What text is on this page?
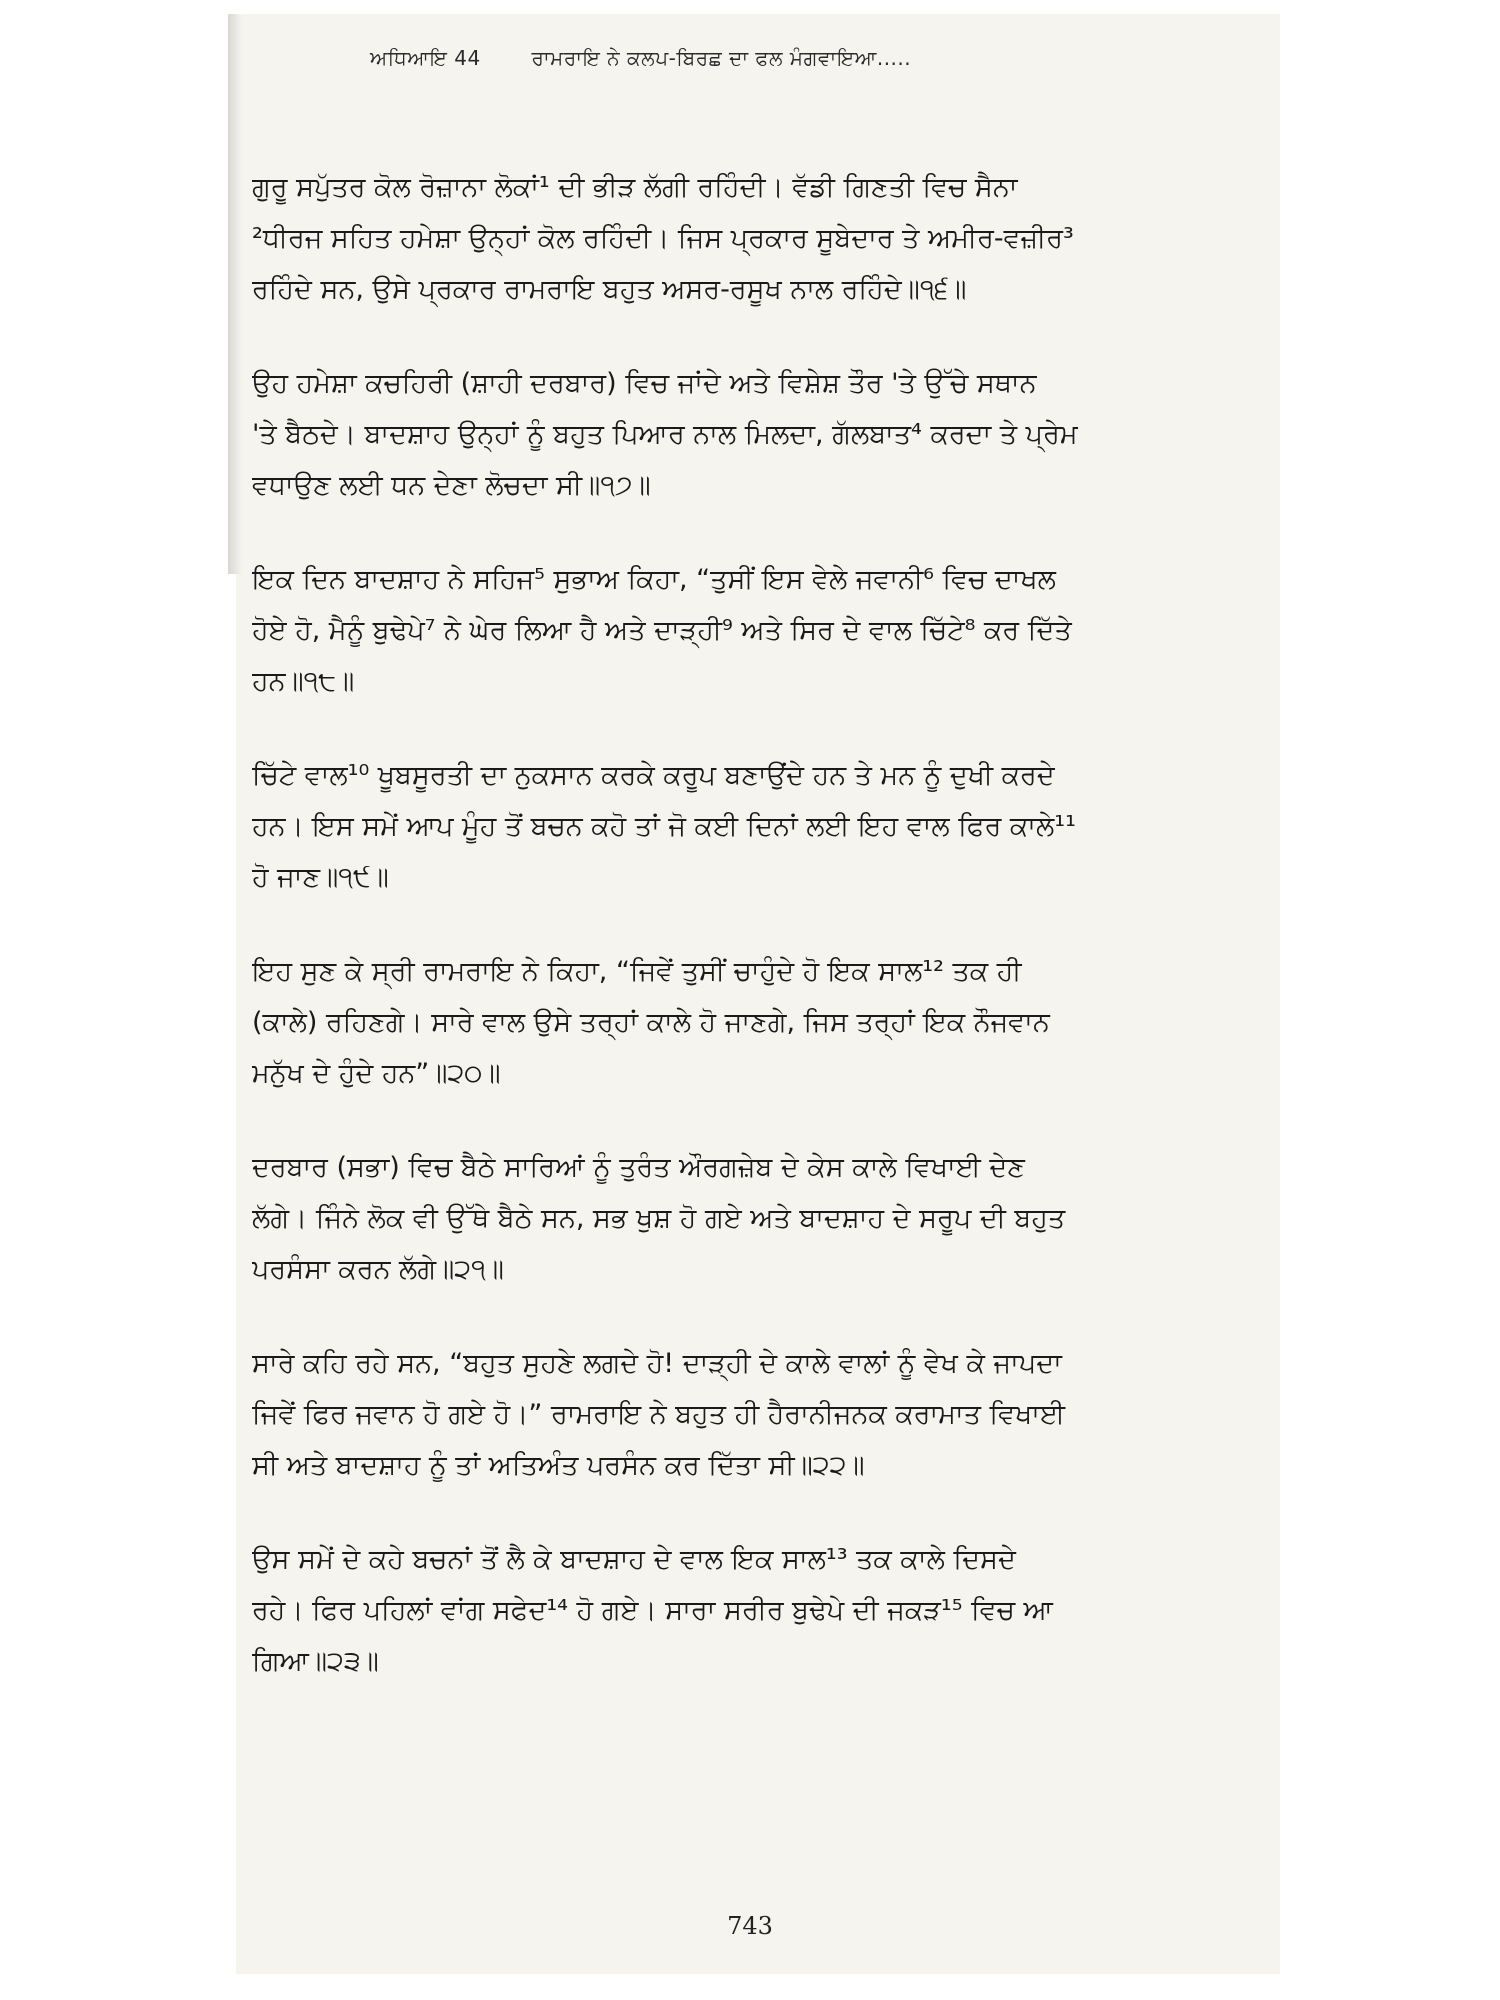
ਅਧਿਆਇ 44	ਰਾਮਰਾਇ ਨੇ ਕਲਪ-ਬਿਰਛ ਦਾ ਫਲ ਮੰਗਵਾਇਆ.....
ਗੁਰੂ ਸਪੁੱਤਰ ਕੋਲ ਰੋਜ਼ਾਨਾ ਲੋਕਾਂ¹ ਦੀ ਭੀੜ ਲੱਗੀ ਰਹਿੰਦੀ। ਵੱਡੀ ਗਿਣਤੀ ਵਿਚ ਸੈਨਾ
²ਧੀਰਜ ਸਹਿਤ ਹਮੇਸ਼ਾ ਉਨ੍ਹਾਂ ਕੋਲ ਰਹਿੰਦੀ। ਜਿਸ ਪ੍ਰਕਾਰ ਸੂਬੇਦਾਰ ਤੇ ਅਮੀਰ-ਵਜ਼ੀਰ³
ਰਹਿੰਦੇ ਸਨ, ਉਸੇ ਪ੍ਰਕਾਰ ਰਾਮਰਾਇ ਬਹੁਤ ਅਸਰ-ਰਸੂਖ ਨਾਲ ਰਹਿੰਦੇ॥੧੬॥
ਉਹ ਹਮੇਸ਼ਾ ਕਚਹਿਰੀ (ਸ਼ਾਹੀ ਦਰਬਾਰ) ਵਿਚ ਜਾਂਦੇ ਅਤੇ ਵਿਸ਼ੇਸ਼ ਤੌਰ 'ਤੇ ਉੱਚੇ ਸਥਾਨ
'ਤੇ ਬੈਠਦੇ। ਬਾਦਸ਼ਾਹ ਉਨ੍ਹਾਂ ਨੂੰ ਬਹੁਤ ਪਿਆਰ ਨਾਲ ਮਿਲਦਾ, ਗੱਲਬਾਤ⁴ ਕਰਦਾ ਤੇ ਪ੍ਰੇਮ
ਵਧਾਉਣ ਲਈ ਧਨ ਦੇਣਾ ਲੋਚਦਾ ਸੀ॥੧੭॥
ਇਕ ਦਿਨ ਬਾਦਸ਼ਾਹ ਨੇ ਸਹਿਜ⁵ ਸੁਭਾਅ ਕਿਹਾ, “ਤੁਸੀਂ ਇਸ ਵੇਲੇ ਜਵਾਨੀ⁶ ਵਿਚ ਦਾਖਲ
ਹੋਏ ਹੋ, ਮੈਨੂੰ ਬੁਢੇਪੇ⁷ ਨੇ ਘੇਰ ਲਿਆ ਹੈ ਅਤੇ ਦਾੜ੍ਹੀ⁹ ਅਤੇ ਸਿਰ ਦੇ ਵਾਲ ਚਿੱਟੇ⁸ ਕਰ ਦਿੱਤੇ
ਹਨ॥੧੮॥
ਚਿੱਟੇ ਵਾਲ¹⁰ ਖੂਬਸੂਰਤੀ ਦਾ ਨੁਕਸਾਨ ਕਰਕੇ ਕਰੂਪ ਬਣਾਉਂਦੇ ਹਨ ਤੇ ਮਨ ਨੂੰ ਦੁਖੀ ਕਰਦੇ
ਹਨ। ਇਸ ਸਮੇਂ ਆਪ ਮੂੰਹ ਤੋਂ ਬਚਨ ਕਹੋ ਤਾਂ ਜੋ ਕਈ ਦਿਨਾਂ ਲਈ ਇਹ ਵਾਲ ਫਿਰ ਕਾਲੇ¹¹
ਹੋ ਜਾਣ॥੧੯॥
ਇਹ ਸੁਣ ਕੇ ਸ੍ਰੀ ਰਾਮਰਾਇ ਨੇ ਕਿਹਾ, “ਜਿਵੇਂ ਤੁਸੀਂ ਚਾਹੁੰਦੇ ਹੋ ਇਕ ਸਾਲ¹² ਤਕ ਹੀ
(ਕਾਲੇ) ਰਹਿਣਗੇ। ਸਾਰੇ ਵਾਲ ਉਸੇ ਤਰ੍ਹਾਂ ਕਾਲੇ ਹੋ ਜਾਣਗੇ, ਜਿਸ ਤਰ੍ਹਾਂ ਇਕ ਨੌਜਵਾਨ
ਮਨੁੱਖ ਦੇ ਹੁੰਦੇ ਹਨ”॥੨੦॥
ਦਰਬਾਰ (ਸਭਾ) ਵਿਚ ਬੈਠੇ ਸਾਰਿਆਂ ਨੂੰ ਤੁਰੰਤ ਔਰਗਜ਼ੇਬ ਦੇ ਕੇਸ ਕਾਲੇ ਵਿਖਾਈ ਦੇਣ
ਲੱਗੇ। ਜਿੰਨੇ ਲੋਕ ਵੀ ਉੱਥੇ ਬੈਠੇ ਸਨ, ਸਭ ਖੁਸ਼ ਹੋ ਗਏ ਅਤੇ ਬਾਦਸ਼ਾਹ ਦੇ ਸਰੂਪ ਦੀ ਬਹੁਤ
ਪਰਸੰਸਾ ਕਰਨ ਲੱਗੇ॥੨੧॥
ਸਾਰੇ ਕਹਿ ਰਹੇ ਸਨ, “ਬਹੁਤ ਸੁਹਣੇ ਲਗਦੇ ਹੋ! ਦਾੜ੍ਹੀ ਦੇ ਕਾਲੇ ਵਾਲਾਂ ਨੂੰ ਵੇਖ ਕੇ ਜਾਪਦਾ
ਜਿਵੇਂ ਫਿਰ ਜਵਾਨ ਹੋ ਗਏ ਹੋ।” ਰਾਮਰਾਇ ਨੇ ਬਹੁਤ ਹੀ ਹੈਰਾਨੀਜਨਕ ਕਰਾਮਾਤ ਵਿਖਾਈ
ਸੀ ਅਤੇ ਬਾਦਸ਼ਾਹ ਨੂੰ ਤਾਂ ਅਤਿਅੰਤ ਪਰਸੰਨ ਕਰ ਦਿੱਤਾ ਸੀ॥੨੨॥
ਉਸ ਸਮੇਂ ਦੇ ਕਹੇ ਬਚਨਾਂ ਤੋਂ ਲੈ ਕੇ ਬਾਦਸ਼ਾਹ ਦੇ ਵਾਲ ਇਕ ਸਾਲ¹³ ਤਕ ਕਾਲੇ ਦਿਸਦੇ
ਰਹੇ। ਫਿਰ ਪਹਿਲਾਂ ਵਾਂਗ ਸਫੇਦ¹⁴ ਹੋ ਗਏ। ਸਾਰਾ ਸਰੀਰ ਬੁਢੇਪੇ ਦੀ ਜਕੜ¹⁵ ਵਿਚ ਆ
ਗਿਆ॥੨੩॥
743
